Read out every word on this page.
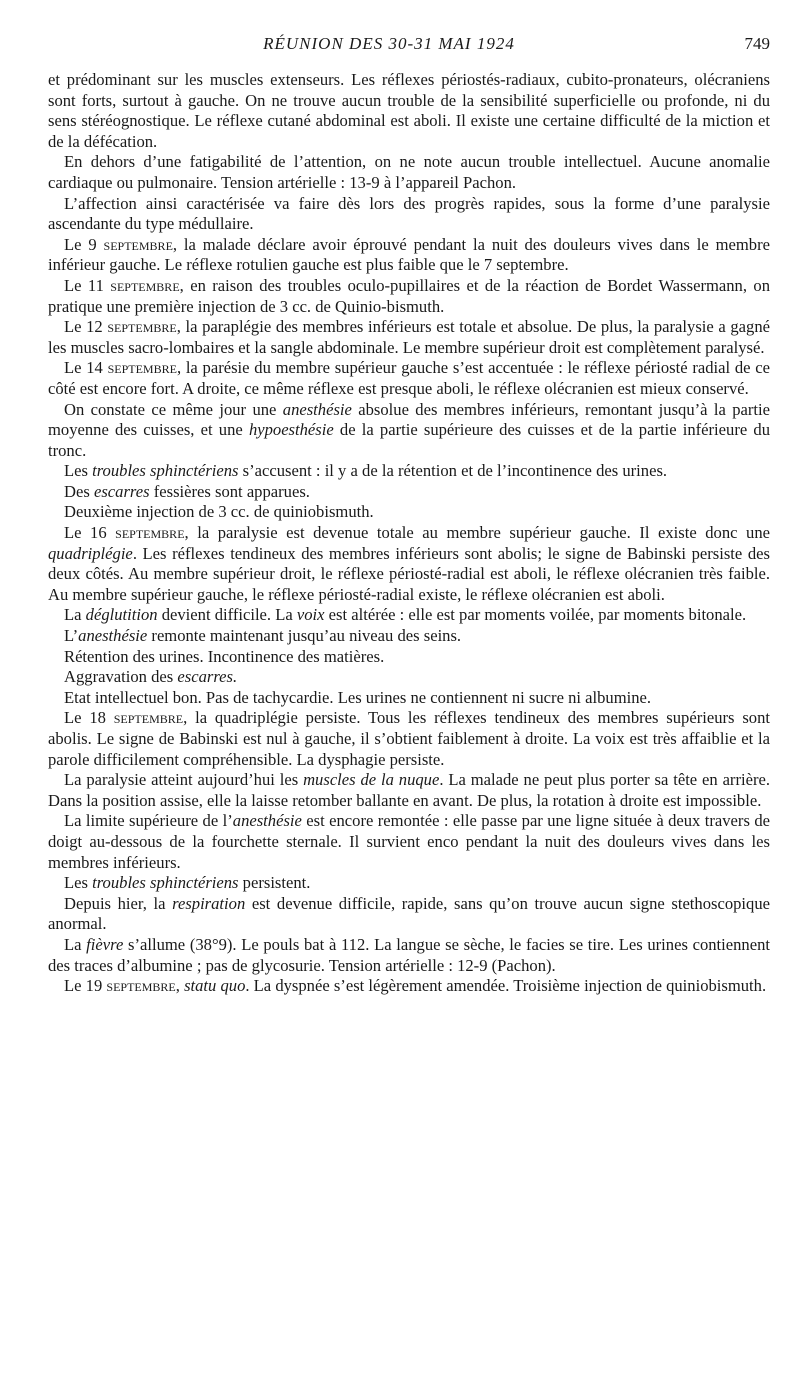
RÉUNION DES 30-31 MAI 1924	749

et prédominant sur les muscles extenseurs. Les réflexes périostés-radiaux, cubito-pronateurs, olécraniens sont forts, surtout à gauche. On ne trouve aucun trouble de la sensibilité superficielle ou profonde, ni du sens stéréognostique. Le réflexe cutané abdominal est aboli. Il existe une certaine difficulté de la miction et de la défécation.

En dehors d’une fatigabilité de l’attention, on ne note aucun trouble intellectuel. Aucune anomalie cardiaque ou pulmonaire. Tension artérielle : 13-9 à l’appareil Pachon.

L’affection ainsi caractérisée va faire dès lors des progrès rapides, sous la forme d’une paralysie ascendante du type médullaire.

Le 9 septembre, la malade déclare avoir éprouvé pendant la nuit des douleurs vives dans le membre inférieur gauche. Le réflexe rotulien gauche est plus faible que le 7 septembre.

Le 11 septembre, en raison des troubles oculo-pupillaires et de la réaction de Bordet Wassermann, on pratique une première injection de 3 cc. de Quinio-bismuth.

Le 12 septembre, la paraplégie des membres inférieurs est totale et absolue. De plus, la paralysie a gagné les muscles sacro-lombaires et la sangle abdominale. Le membre supérieur droit est complètement paralysé.

Le 14 septembre, la parésie du membre supérieur gauche s’est accentuée : le réflexe périosté radial de ce côté est encore fort. A droite, ce même réflexe est presque aboli, le réflexe olécranien est mieux conservé.

On constate ce même jour une anesthésie absolue des membres inférieurs, remontant jusqu’à la partie moyenne des cuisses, et une hypoesthésie de la partie supérieure des cuisses et de la partie inférieure du tronc.

Les troubles sphinctériens s’accusent : il y a de la rétention et de l’incontinence des urines.

Des escarres fessières sont apparues.

Deuxième injection de 3 cc. de quiniobismuth.

Le 16 septembre, la paralysie est devenue totale au membre supérieur gauche. Il existe donc une quadriplégie. Les réflexes tendineux des membres inférieurs sont abolis; le signe de Babinski persiste des deux côtés. Au membre supérieur droit, le réflexe périosté-radial est aboli, le réflexe olécranien très faible. Au membre supérieur gauche, le réflexe périosté-radial existe, le réflexe olécranien est aboli.

La déglutition devient difficile. La voix est altérée : elle est par moments voilée, par moments bitonale.

L’anesthésie remonte maintenant jusqu’au niveau des seins.

Rétention des urines. Incontinence des matières.

Aggravation des escarres.

Etat intellectuel bon. Pas de tachycardie. Les urines ne contiennent ni sucre ni albumine.

Le 18 septembre, la quadriplégie persiste. Tous les réflexes tendineux des membres supérieurs sont abolis. Le signe de Babinski est nul à gauche, il s’obtient faiblement à droite. La voix est très affaiblie et la parole difficilement compréhensible. La dysphagie persiste.

La paralysie atteint aujourd’hui les muscles de la nuque. La malade ne peut plus porter sa tête en arrière. Dans la position assise, elle la laisse retomber ballante en avant. De plus, la rotation à droite est impossible.

La limite supérieure de l’anesthésie est encore remontée : elle passe par une ligne située à deux travers de doigt au-dessous de la fourchette sternale. Il survient enco pendant la nuit des douleurs vives dans les membres inférieurs.

Les troubles sphinctériens persistent.

Depuis hier, la respiration est devenue difficile, rapide, sans qu’on trouve aucun signe stethoscopique anormal.

La fièvre s’allume (38°9). Le pouls bat à 112. La langue se sèche, le facies se tire. Les urines contiennent des traces d’albumine ; pas de glycosurie. Tension artérielle : 12-9 (Pachon).

Le 19 septembre, statu quo. La dyspnée s’est légèrement amendée. Troisième injection de quiniobismuth.
